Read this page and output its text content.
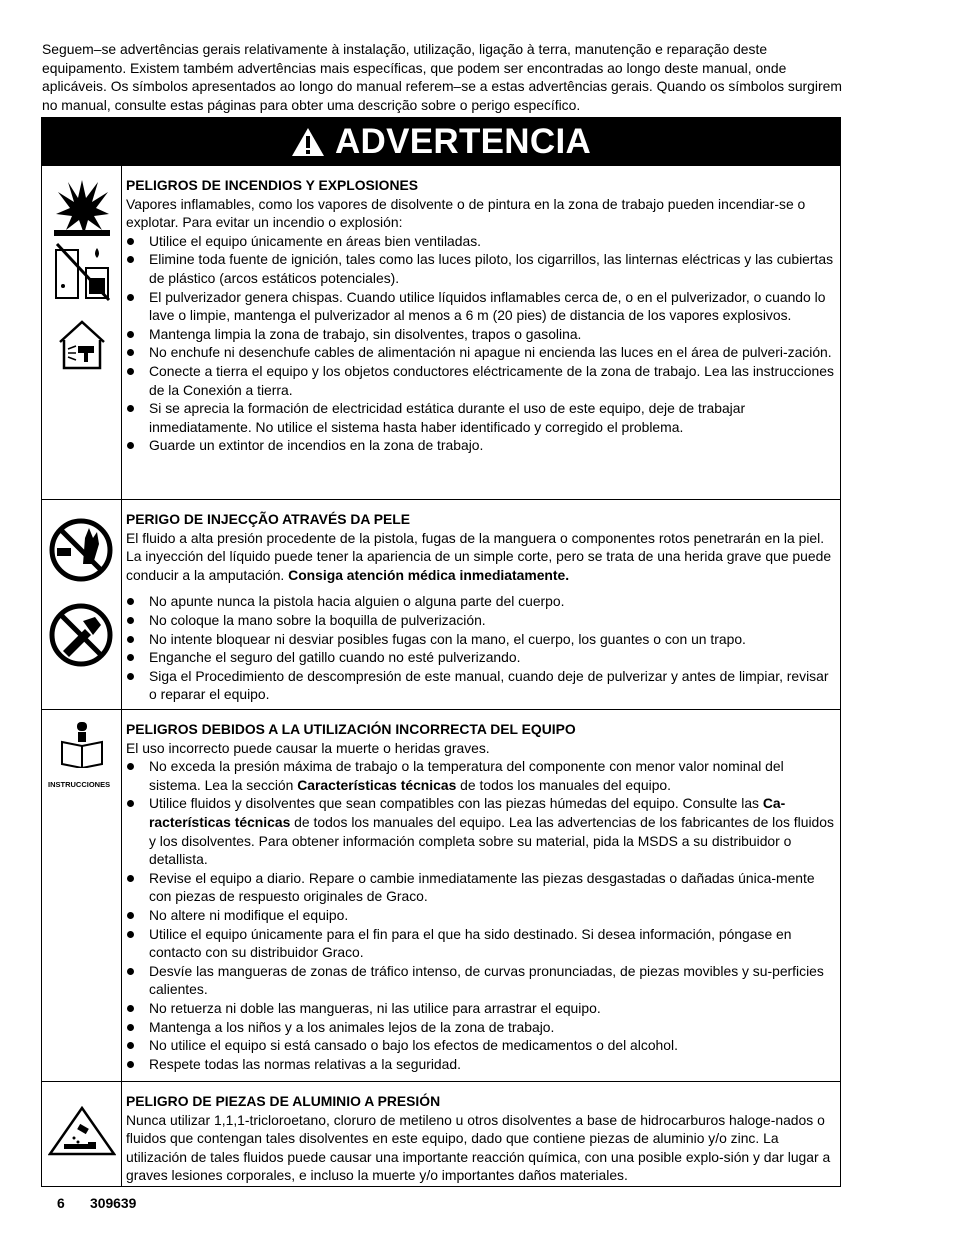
Seguem–se advertências gerais relativamente à instalação, utilização, ligação à terra, manutenção e reparação deste equipamento. Existem também advertências mais específicas, que podem ser encontradas ao longo deste manual, onde aplicáveis. Os símbolos apresentados ao longo do manual referem–se a estas advertências gerais. Quando os símbolos surgirem no manual, consulte estas páginas para obter uma descrição sobre o perigo específico.
ADVERTENCIA
PELIGROS DE INCENDIOS Y EXPLOSIONES

Vapores inflamables, como los vapores de disolvente o de pintura en la zona de trabajo pueden incendiar-se o explotar. Para evitar un incendio o explosión:

Utilice el equipo únicamente en áreas bien ventiladas.
Elimine toda fuente de ignición, tales como las luces piloto, los cigarrillos, las linternas eléctricas y las cubiertas de plástico (arcos estáticos potenciales).
El pulverizador genera chispas. Cuando utilice líquidos inflamables cerca de, o en el pulverizador, o cuando lo lave o limpie, mantenga el pulverizador al menos a 6 m (20 pies) de distancia de los vapores explosivos.
Mantenga limpia la zona de trabajo, sin disolventes, trapos o gasolina.
No enchufe ni desenchufe cables de alimentación ni apague ni encienda las luces en el área de pulveri-zación.
Conecte a tierra el equipo y los objetos conductores eléctricamente de la zona de trabajo. Lea las instrucciones de la Conexión a tierra.
Si se aprecia la formación de electricidad estática durante el uso de este equipo, deje de trabajar inmediatamente. No utilice el sistema hasta haber identificado y corregido el problema.
Guarde un extintor de incendios en la zona de trabajo.
PERIGO DE INJECÇÃO ATRAVÉS DA PELE

El fluido a alta presión procedente de la pistola, fugas de la manguera o componentes rotos penetrarán en la piel. La inyección del líquido puede tener la apariencia de un simple corte, pero se trata de una herida grave que puede conducir a la amputación. Consiga atención médica inmediatamente.

No apunte nunca la pistola hacia alguien o alguna parte del cuerpo.
No coloque la mano sobre la boquilla de pulverización.
No intente bloquear ni desviar posibles fugas con la mano, el cuerpo, los guantes o con un trapo.
Enganche el seguro del gatillo cuando no esté pulverizando.
Siga el Procedimiento de descompresión de este manual, cuando deje de pulverizar y antes de limpiar, revisar o reparar el equipo.
INSTRUCCIONES
PELIGROS DEBIDOS A LA UTILIZACIÓN INCORRECTA DEL EQUIPO

El uso incorrecto puede causar la muerte o heridas graves.

No exceda la presión máxima de trabajo o la temperatura del componente con menor valor nominal del sistema. Lea la sección Características técnicas de todos los manuales del equipo.
Utilice fluidos y disolventes que sean compatibles con las piezas húmedas del equipo. Consulte las Ca-racterísticas técnicas de todos los manuales del equipo. Lea las advertencias de los fabricantes de los fluidos y los disolventes. Para obtener información completa sobre su material, pida la MSDS a su distribuidor o detallista.
Revise el equipo a diario. Repare o cambie inmediatamente las piezas desgastadas o dañadas única-mente con piezas de respuesto originales de Graco.
No altere ni modifique el equipo.
Utilice el equipo únicamente para el fin para el que ha sido destinado. Si desea información, póngase en contacto con su distribuidor Graco.
Desvíe las mangueras de zonas de tráfico intenso, de curvas pronunciadas, de piezas movibles y su-perficies calientes.
No retuerza ni doble las mangueras, ni las utilice para arrastrar el equipo.
Mantenga a los niños y a los animales lejos de la zona de trabajo.
No utilice el equipo si está cansado o bajo los efectos de medicamentos o del alcohol.
Respete todas las normas relativas a la seguridad.
PELIGRO DE PIEZAS DE ALUMINIO A PRESIÓN

Nunca utilizar 1,1,1-tricloroetano, cloruro de metileno u otros disolventes a base de hidrocarburos haloge-nados o fluidos que contengan tales disolventes en este equipo, dado que contiene piezas de aluminio y/o zinc. La utilización de tales fluidos puede causar una importante reacción química, con una posible explo-sión y dar lugar a graves lesiones corporales, e incluso la muerte y/o importantes daños materiales.

6 309639
